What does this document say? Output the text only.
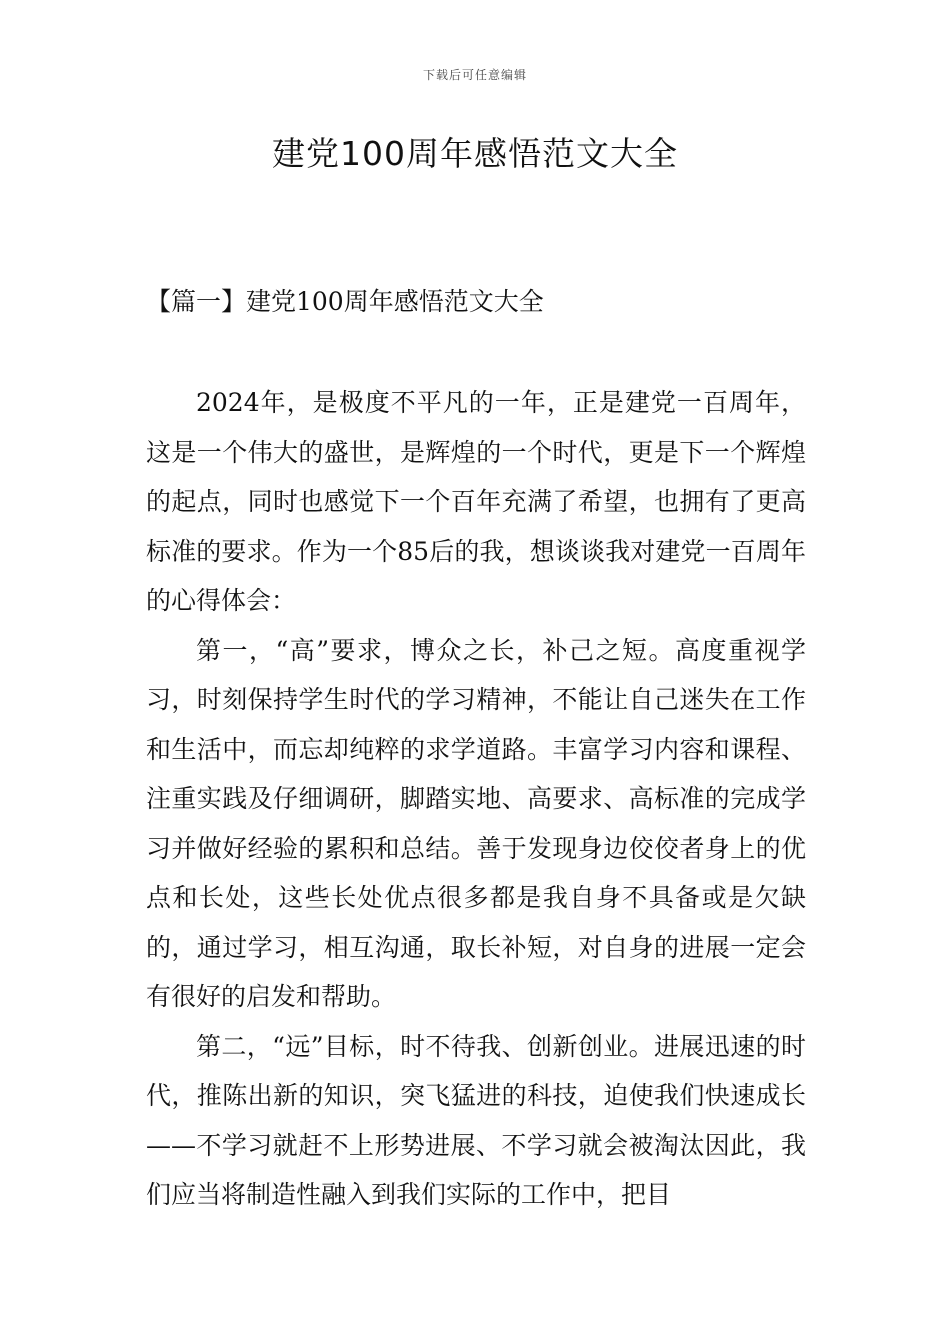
下载后可任意编辑
建党100周年感悟范文大全
【篇一】建党100周年感悟范文大全

2024年，是极度不平凡的一年，正是建党一百周年，这是一个伟大的盛世，是辉煌的一个时代，更是下一个辉煌的起点，同时也感觉下一个百年充满了希望，也拥有了更高标准的要求。作为一个85后的我，想谈谈我对建党一百周年的心得体会：

第一，“高”要求，博众之长，补己之短。高度重视学习，时刻保持学生时代的学习精神，不能让自己迷失在工作和生活中，而忘却纯粹的求学道路。丰富学习内容和课程、注重实践及仔细调研，脚踏实地、高要求、高标准的完成学习并做好经验的累积和总结。善于发现身边佼佼者身上的优点和长处，这些长处优点很多都是我自身不具备或是欠缺的，通过学习，相互沟通，取长补短，对自身的进展一定会有很好的启发和帮助。

第二，“远”目标，时不待我、创新创业。进展迅速的时代，推陈出新的知识，突飞猛进的科技，迫使我们快速成长——不学习就赶不上形势进展、不学习就会被淘汰因此，我们应当将制造性融入到我们实际的工作中，把目
